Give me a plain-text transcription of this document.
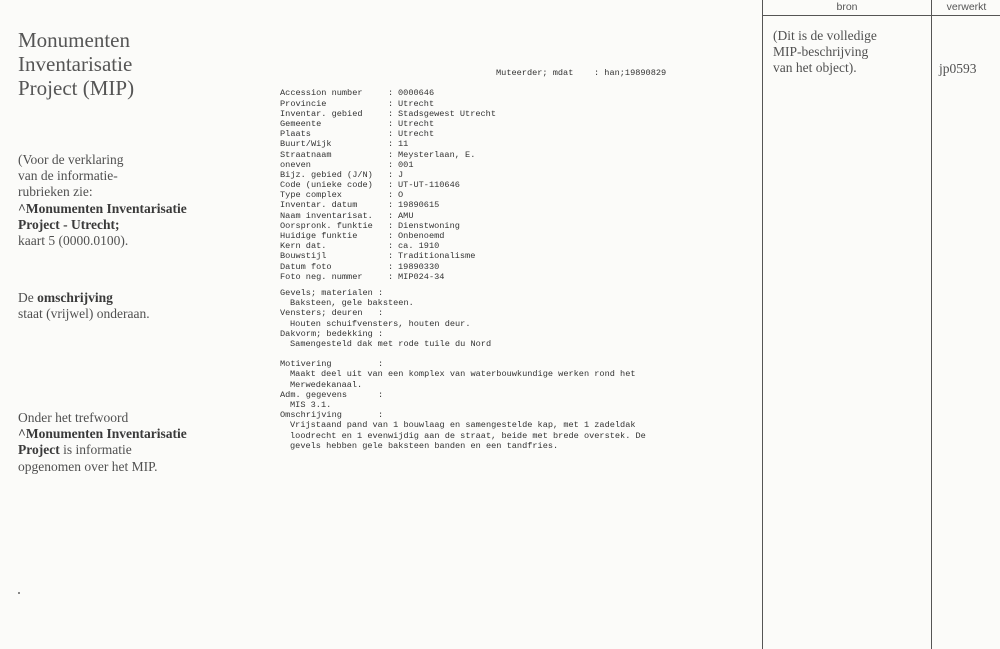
Monumenten
Inventarisatie
Project (MIP)
(Voor de verklaring
van de informatie-
rubrieken zie:
^Monumenten Inventarisatie
Project - Utrecht;
kaart 5 (0000.0100).
De omschrijving
staat (vrijwel) onderaan.
Onder het trefwoord
^Monumenten Inventarisatie
Project is informatie
opgenomen over het MIP.

Muteerder; mdat    : han;19890829

Accession number	: 0000646
Provincie	: Utrecht
Inventar. gebied	: Stadsgewest Utrecht
Gemeente	: Utrecht
Plaats	: Utrecht
Buurt/Wijk	: 11
Straatnaam	: Meysterlaan, E.
oneven	: 001
Bijz. gebied (J/N) : J
Code (unieke code) : UT-UT-110646
Type complex	: O
Inventar. datum	: 19890615
Naam inventarisat. : AMU
Oorspronk. funktie : Dienstwoning
Huidige funktie	: Onbenoemd
Kern dat.	: ca. 1910
Bouwstijl	: Traditionalisme
Datum foto	: 19890330
Foto neg. nummer	: MIP024-34
Gevels; materialen :
Baksteen, gele baksteen.
Vensters; deuren   :
Houten schuifvensters, houten deur.
Dakvorm; bedekking :
Samengesteld dak met rode tuile du Nord
Motivering         :
Maakt deel uit van een komplex van waterbouwkundige werken rond het
Merwedekanaal.
Adm. gegevens      :
MIS 3.1.
Omschrijving       :
Vrijstaand pand van 1 bouwlaag en samengestelde kap, met 1 zadeldak
loodrecht en 1 evenwijdig aan de straat, beide met brede overstek. De
gevels hebben gele baksteen banden en een tandfries.
bron	verwerkt
(Dit is de volledige
MIP-beschrijving
van het object).	jp0593
